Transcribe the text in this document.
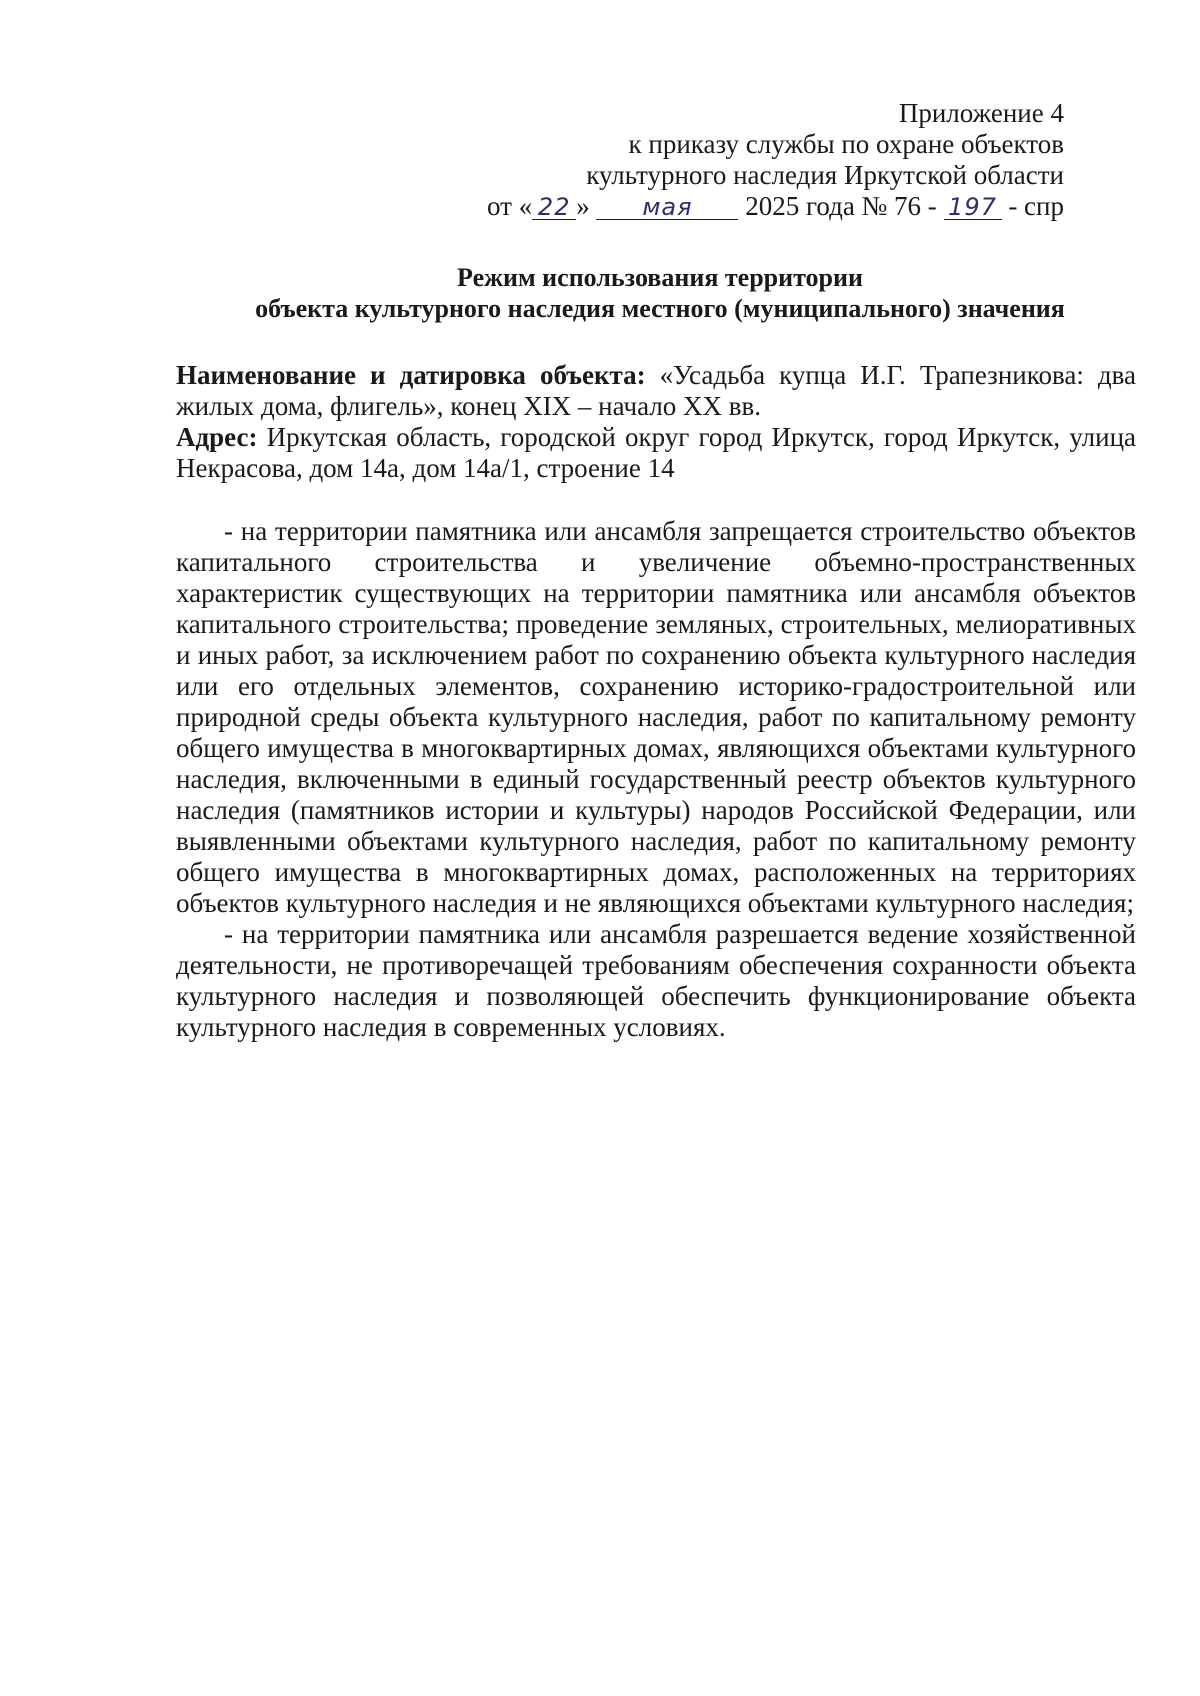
Приложение 4
к приказу службы по охране объектов
культурного наследия Иркутской области
от « 22 » мая 2025 года № 76 - 197 - спр
Режим использования территории
объекта культурного наследия местного (муниципального) значения

Наименование и датировка объекта: «Усадьба купца И.Г. Трапезникова: два жилых дома, флигель», конец XIX – начало XX вв.

Адрес: Иркутская область, городской округ город Иркутск, город Иркутск, улица Некрасова, дом 14а, дом 14а/1, строение 14

- на территории памятника или ансамбля запрещается строительство объектов капитального строительства и увеличение объемно-пространственных характеристик существующих на территории памятника или ансамбля объектов капитального строительства; проведение земляных, строительных, мелиоративных и иных работ, за исключением работ по сохранению объекта культурного наследия или его отдельных элементов, сохранению историко-градостроительной или природной среды объекта культурного наследия, работ по капитальному ремонту общего имущества в многоквартирных домах, являющихся объектами культурного наследия, включенными в единый государственный реестр объектов культурного наследия (памятников истории и культуры) народов Российской Федерации, или выявленными объектами культурного наследия, работ по капитальному ремонту общего имущества в многоквартирных домах, расположенных на территориях объектов культурного наследия и не являющихся объектами культурного наследия;

- на территории памятника или ансамбля разрешается ведение хозяйственной деятельности, не противоречащей требованиям обеспечения сохранности объекта культурного наследия и позволяющей обеспечить функционирование объекта культурного наследия в современных условиях.
